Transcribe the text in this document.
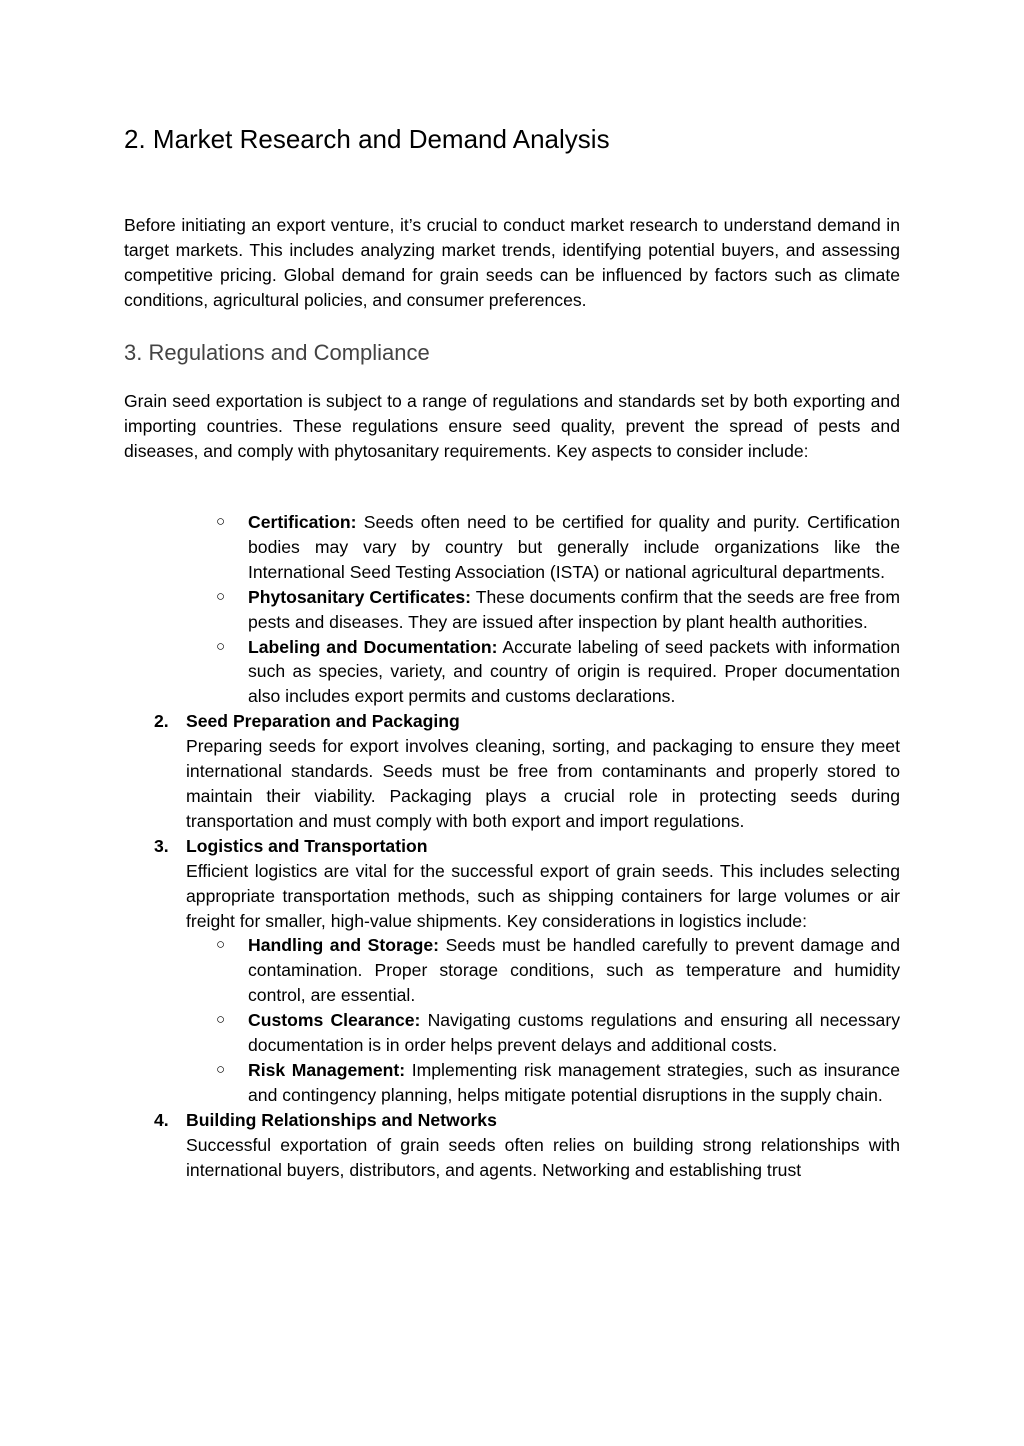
2. Market Research and Demand Analysis

Before initiating an export venture, it’s crucial to conduct market research to understand demand in target markets. This includes analyzing market trends, identifying potential buyers, and assessing competitive pricing. Global demand for grain seeds can be influenced by factors such as climate conditions, agricultural policies, and consumer preferences.

3. Regulations and Compliance

Grain seed exportation is subject to a range of regulations and standards set by both exporting and importing countries. These regulations ensure seed quality, prevent the spread of pests and diseases, and comply with phytosanitary requirements. Key aspects to consider include:

○ Certification: Seeds often need to be certified for quality and purity. Certification bodies may vary by country but generally include organizations like the International Seed Testing Association (ISTA) or national agricultural departments.

○ Phytosanitary Certificates: These documents confirm that the seeds are free from pests and diseases. They are issued after inspection by plant health authorities.

○ Labeling and Documentation: Accurate labeling of seed packets with information such as species, variety, and country of origin is required. Proper documentation also includes export permits and customs declarations.

2. Seed Preparation and Packaging

Preparing seeds for export involves cleaning, sorting, and packaging to ensure they meet international standards. Seeds must be free from contaminants and properly stored to maintain their viability. Packaging plays a crucial role in protecting seeds during transportation and must comply with both export and import regulations.

3. Logistics and Transportation

Efficient logistics are vital for the successful export of grain seeds. This includes selecting appropriate transportation methods, such as shipping containers for large volumes or air freight for smaller, high-value shipments. Key considerations in logistics include:

○ Handling and Storage: Seeds must be handled carefully to prevent damage and contamination. Proper storage conditions, such as temperature and humidity control, are essential.

○ Customs Clearance: Navigating customs regulations and ensuring all necessary documentation is in order helps prevent delays and additional costs.

○ Risk Management: Implementing risk management strategies, such as insurance and contingency planning, helps mitigate potential disruptions in the supply chain.

4. Building Relationships and Networks

Successful exportation of grain seeds often relies on building strong relationships with international buyers, distributors, and agents. Networking and establishing trust
